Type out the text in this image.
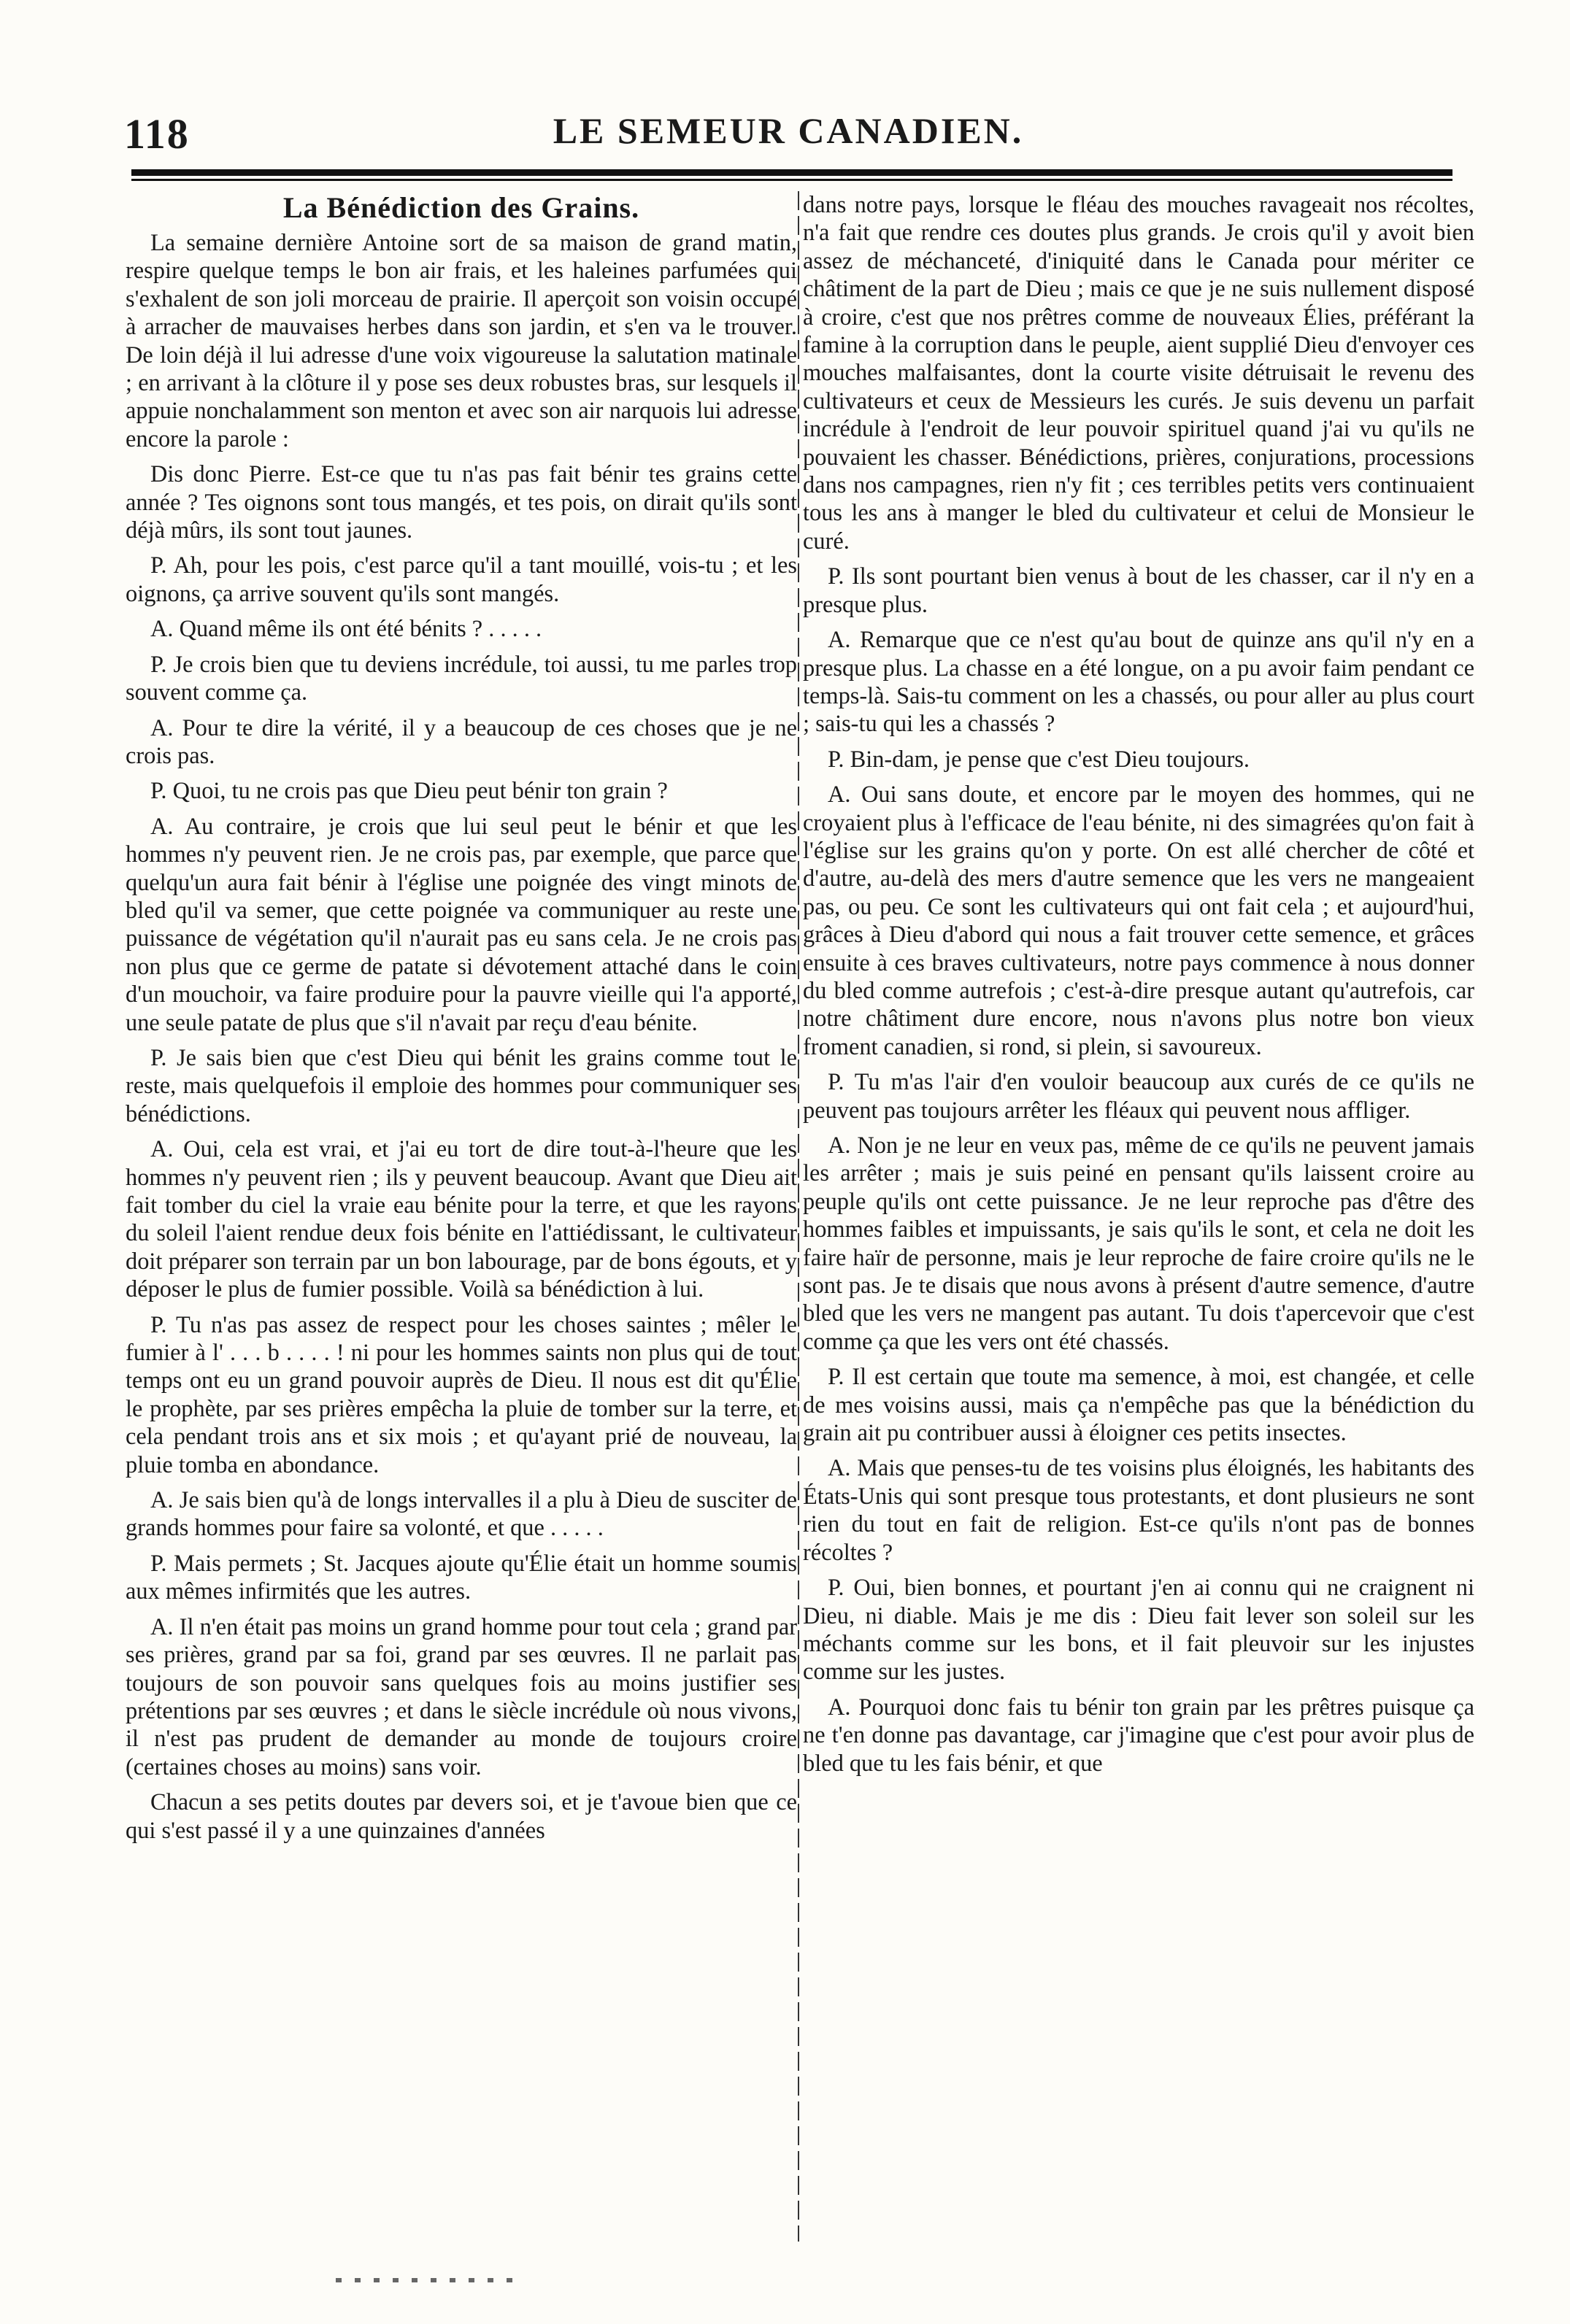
118	LE SEMEUR CANADIEN.
La Bénédiction des Grains.

La semaine dernière Antoine sort de sa maison de grand matin, respire quelque temps le bon air frais, et les haleines parfumées qui s'exhalent de son joli morceau de prairie. Il aperçoit son voisin occupé à arracher de mauvaises herbes dans son jardin, et s'en va le trouver. De loin déjà il lui adresse d'une voix vigoureuse la salutation matinale ; en arrivant à la clôture il y pose ses deux robustes bras, sur lesquels il appuie nonchalamment son menton et avec son air narquois lui adresse encore la parole :

Dis donc Pierre. Est-ce que tu n'as pas fait bénir tes grains cette année ? Tes oignons sont tous mangés, et tes pois, on dirait qu'ils sont déjà mûrs, ils sont tout jaunes.

P. Ah, pour les pois, c'est parce qu'il a tant mouillé, vois-tu ; et les oignons, ça arrive souvent qu'ils sont mangés.

A. Quand même ils ont été bénits ? . . . . .

P. Je crois bien que tu deviens incrédule, toi aussi, tu me parles trop souvent comme ça.

A. Pour te dire la vérité, il y a beaucoup de ces choses que je ne crois pas.

P. Quoi, tu ne crois pas que Dieu peut bénir ton grain ?

A. Au contraire, je crois que lui seul peut le bénir et que les hommes n'y peuvent rien. Je ne crois pas, par exemple, que parce que quelqu'un aura fait bénir à l'église une poignée des vingt minots de bled qu'il va semer, que cette poignée va communiquer au reste une puissance de végétation qu'il n'aurait pas eu sans cela. Je ne crois pas non plus que ce germe de patate si dévotement attaché dans le coin d'un mouchoir, va faire produire pour la pauvre vieille qui l'a apporté, une seule patate de plus que s'il n'avait par reçu d'eau bénite.

P. Je sais bien que c'est Dieu qui bénit les grains comme tout le reste, mais quelquefois il emploie des hommes pour communiquer ses bénédictions.

A. Oui, cela est vrai, et j'ai eu tort de dire tout-à-l'heure que les hommes n'y peuvent rien ; ils y peuvent beaucoup. Avant que Dieu ait fait tomber du ciel la vraie eau bénite pour la terre, et que les rayons du soleil l'aient rendue deux fois bénite en l'attiédissant, le cultivateur doit préparer son terrain par un bon labourage, par de bons égouts, et y déposer le plus de fumier possible. Voilà sa bénédiction à lui.

P. Tu n'as pas assez de respect pour les choses saintes ; mêler le fumier à l' . . . b . . . . ! ni pour les hommes saints non plus qui de tout temps ont eu un grand pouvoir auprès de Dieu. Il nous est dit qu'Élie le prophète, par ses prières empêcha la pluie de tomber sur la terre, et cela pendant trois ans et six mois ; et qu'ayant prié de nouveau, la pluie tomba en abondance.

A. Je sais bien qu'à de longs intervalles il a plu à Dieu de susciter de grands hommes pour faire sa volonté, et que . . . . .

P. Mais permets ; St. Jacques ajoute qu'Élie était un homme soumis aux mêmes infirmités que les autres.

A. Il n'en était pas moins un grand homme pour tout cela ; grand par ses prières, grand par sa foi, grand par ses œuvres. Il ne parlait pas toujours de son pouvoir sans quelques fois au moins justifier ses prétentions par ses œuvres ; et dans le siècle incrédule où nous vivons, il n'est pas prudent de demander au monde de toujours croire (certaines choses au moins) sans voir.

Chacun a ses petits doutes par devers soi, et je t'avoue bien que ce qui s'est passé il y a une quinzaines d'années

dans notre pays, lorsque le fléau des mouches ravageait nos récoltes, n'a fait que rendre ces doutes plus grands. Je crois qu'il y avoit bien assez de méchanceté, d'iniquité dans le Canada pour mériter ce châtiment de la part de Dieu ; mais ce que je ne suis nullement disposé à croire, c'est que nos prêtres comme de nouveaux Élies, préférant la famine à la corruption dans le peuple, aient supplié Dieu d'envoyer ces mouches malfaisantes, dont la courte visite détruisait le revenu des cultivateurs et ceux de Messieurs les curés. Je suis devenu un parfait incrédule à l'endroit de leur pouvoir spirituel quand j'ai vu qu'ils ne pouvaient les chasser. Bénédictions, prières, conjurations, processions dans nos campagnes, rien n'y fit ; ces terribles petits vers continuaient tous les ans à manger le bled du cultivateur et celui de Monsieur le curé.

P. Ils sont pourtant bien venus à bout de les chasser, car il n'y en a presque plus.

A. Remarque que ce n'est qu'au bout de quinze ans qu'il n'y en a presque plus. La chasse en a été longue, on a pu avoir faim pendant ce temps-là. Sais-tu comment on les a chassés, ou pour aller au plus court ; sais-tu qui les a chassés ?

P. Bin-dam, je pense que c'est Dieu toujours.

A. Oui sans doute, et encore par le moyen des hommes, qui ne croyaient plus à l'efficace de l'eau bénite, ni des simagrées qu'on fait à l'église sur les grains qu'on y porte. On est allé chercher de côté et d'autre, au-delà des mers d'autre semence que les vers ne mangeaient pas, ou peu. Ce sont les cultivateurs qui ont fait cela ; et aujourd'hui, grâces à Dieu d'abord qui nous a fait trouver cette semence, et grâces ensuite à ces braves cultivateurs, notre pays commence à nous donner du bled comme autrefois ; c'est-à-dire presque autant qu'autrefois, car notre châtiment dure encore, nous n'avons plus notre bon vieux froment canadien, si rond, si plein, si savoureux.

P. Tu m'as l'air d'en vouloir beaucoup aux curés de ce qu'ils ne peuvent pas toujours arrêter les fléaux qui peuvent nous affliger.

A. Non je ne leur en veux pas, même de ce qu'ils ne peuvent jamais les arrêter ; mais je suis peiné en pensant qu'ils laissent croire au peuple qu'ils ont cette puissance. Je ne leur reproche pas d'être des hommes faibles et impuissants, je sais qu'ils le sont, et cela ne doit les faire haïr de personne, mais je leur reproche de faire croire qu'ils ne le sont pas. Je te disais que nous avons à présent d'autre semence, d'autre bled que les vers ne mangent pas autant. Tu dois t'apercevoir que c'est comme ça que les vers ont été chassés.

P. Il est certain que toute ma semence, à moi, est changée, et celle de mes voisins aussi, mais ça n'empêche pas que la bénédiction du grain ait pu contribuer aussi à éloigner ces petits insectes.

A. Mais que penses-tu de tes voisins plus éloignés, les habitants des États-Unis qui sont presque tous protestants, et dont plusieurs ne sont rien du tout en fait de religion. Est-ce qu'ils n'ont pas de bonnes récoltes ?

P. Oui, bien bonnes, et pourtant j'en ai connu qui ne craignent ni Dieu, ni diable. Mais je me dis : Dieu fait lever son soleil sur les méchants comme sur les bons, et il fait pleuvoir sur les injustes comme sur les justes.

A. Pourquoi donc fais tu bénir ton grain par les prêtres puisque ça ne t'en donne pas davantage, car j'imagine que c'est pour avoir plus de bled que tu les fais bénir, et que
